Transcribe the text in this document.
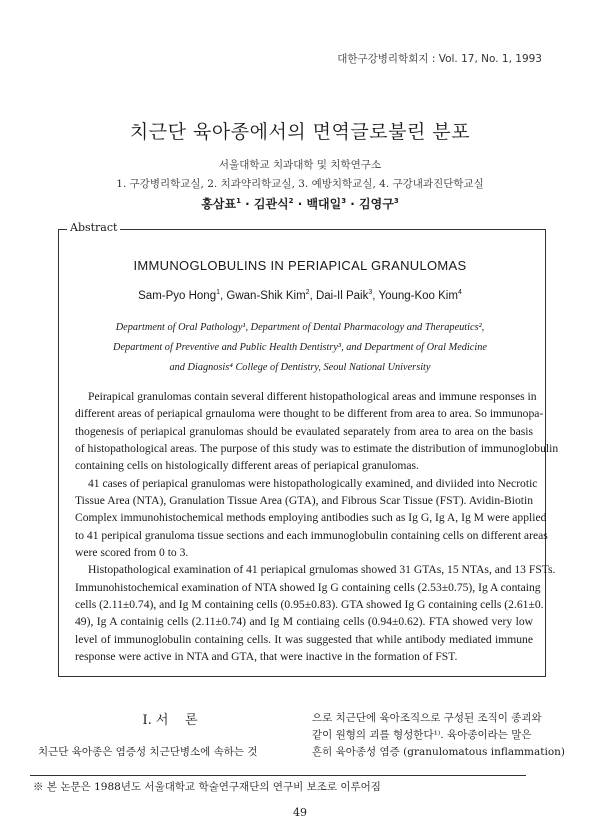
대한구강병리학회지 : Vol. 17, No. 1, 1993
치근단 육아종에서의 면역글로불린 분포
서울대학교 치과대학 및 치학연구소
1. 구강병리학교실, 2. 치과약리학교실, 3. 예방치학교실, 4. 구강내과진단학교실
홍삼표$^1$ · 김관식$^2$ · 백대일$^3$ · 김영구$^3$
Abstract
IMMUNOGLOBULINS IN PERIAPICAL GRANULOMAS
Sam-Pyo Hong$^1$, Gwan-Shik Kim$^2$, Dai-Il Paik$^3$, Young-Koo Kim$^4$
Department of Oral Pathology¹, Department of Dental Pharmacology and Therapeutics²,
Department of Preventive and Public Health Dentistry³, and Department of Oral Medicine
and Diagnosis⁴ College of Dentistry, Seoul National University
Peirapical granulomas contain several different histopathological areas and immune responses in
different areas of periapical grnauloma were thought to be different from area to area. So immunopa-
thogenesis of periapical granulomas should be evaulated separately from area to area on the basis
of histopathological areas. The purpose of this study was to estimate the distribution of immunoglobulin
containing cells on histologically different areas of periapical granulomas.
41 cases of periapical granulomas were histopathologically examined, and diviided into Necrotic
Tissue Area (NTA), Granulation Tissue Area (GTA), and Fibrous Scar Tissue (FST). Avidin-Biotin
Complex immunohistochemical methods employing antibodies such as Ig G, Ig A, Ig M were applied
to 41 peripical granuloma tissue sections and each immunoglobulin containing cells on different areas
were scored from 0 to 3.
Histopathological examination of 41 periapical grnulomas showed 31 GTAs, 15 NTAs, and 13 FSTs.
Immunohistochemical examination of NTA showed Ig G containing cells (2.53±0.75), Ig A containg
cells (2.11±0.74), and Ig M containing cells (0.95±0.83). GTA showed Ig G containing cells (2.61±0.
49), Ig A containig cells (2.11±0.74) and Ig M contiaing cells (0.94±0.62). FTA showed very low
level of immunoglobulin containing cells. It was suggested that while antibody mediated immune
response were active in NTA and GTA, that were inactive in the formation of FST.
I. 서    론
치근단 육아종은 염증성 치근단병소에 속하는 것
으로 치근단에 육아조직으로 구성된 조직이 종괴와
같이 원형의 괴를 형성한다¹⁾. 육아종이라는 말은
흔히 육아종성 염증 (granulomatous inflammation)
※ 본 논문은 1988년도 서울대학교 학술연구재단의 연구비 보조로 이루어짐
49
